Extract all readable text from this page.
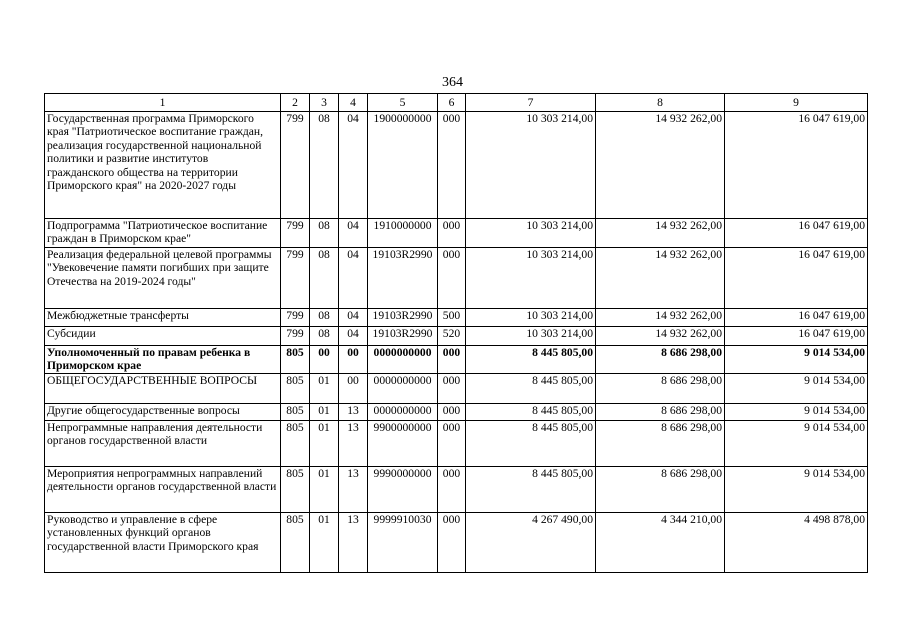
364
1	2	3	4	5	6	7	8	9
Государственная программа Приморского края "Патриотическое воспитание граждан, реализация государственной национальной политики и развитие институтов гражданского общества на территории Приморского края" на 2020-2027 годы	799	08	04	1900000000	000	10 303 214,00	14 932 262,00	16 047 619,00
Подпрограмма "Патриотическое воспитание граждан в Приморском крае"	799	08	04	1910000000	000	10 303 214,00	14 932 262,00	16 047 619,00
Реализация федеральной целевой программы "Увековечение памяти погибших при защите Отечества на 2019-2024 годы"	799	08	04	19103R2990	000	10 303 214,00	14 932 262,00	16 047 619,00
Межбюджетные трансферты	799	08	04	19103R2990	500	10 303 214,00	14 932 262,00	16 047 619,00
Субсидии	799	08	04	19103R2990	520	10 303 214,00	14 932 262,00	16 047 619,00
Уполномоченный по правам ребенка в Приморском крае	805	00	00	0000000000	000	8 445 805,00	8 686 298,00	9 014 534,00
ОБЩЕГОСУДАРСТВЕННЫЕ ВОПРОСЫ	805	01	00	0000000000	000	8 445 805,00	8 686 298,00	9 014 534,00
Другие общегосударственные вопросы	805	01	13	0000000000	000	8 445 805,00	8 686 298,00	9 014 534,00
Непрограммные направления деятельности органов государственной власти	805	01	13	9900000000	000	8 445 805,00	8 686 298,00	9 014 534,00
Мероприятия непрограммных направлений деятельности органов государственной власти	805	01	13	9990000000	000	8 445 805,00	8 686 298,00	9 014 534,00
Руководство и управление в сфере установленных функций органов государственной власти Приморского края	805	01	13	9999910030	000	4 267 490,00	4 344 210,00	4 498 878,00
